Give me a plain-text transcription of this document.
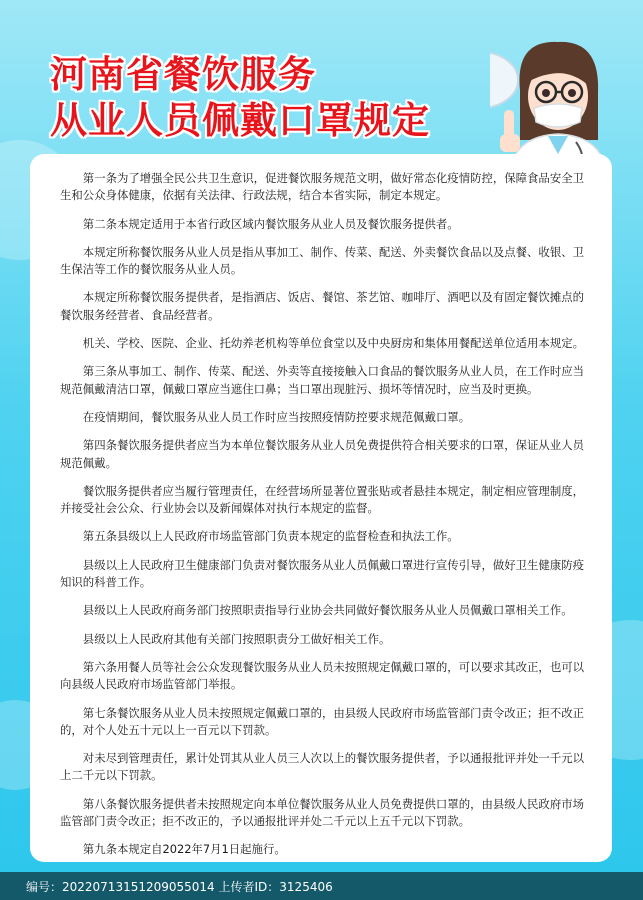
河南省餐饮服务
从业人员佩戴口罩规定

第一条为了增强全民公共卫生意识，促进餐饮服务规范文明，做好常态化疫情防控，保障食品安全卫生和公众身体健康，依据有关法律、行政法规，结合本省实际，制定本规定。

第二条本规定适用于本省行政区域内餐饮服务从业人员及餐饮服务提供者。

本规定所称餐饮服务从业人员是指从事加工、制作、传菜、配送、外卖餐饮食品以及点餐、收银、卫生保洁等工作的餐饮服务从业人员。

本规定所称餐饮服务提供者，是指酒店、饭店、餐馆、茶艺馆、咖啡厅、酒吧以及有固定餐饮摊点的餐饮服务经营者、食品经营者。

机关、学校、医院、企业、托幼养老机构等单位食堂以及中央厨房和集体用餐配送单位适用本规定。

第三条从事加工、制作、传菜、配送、外卖等直接接触入口食品的餐饮服务从业人员，在工作时应当规范佩戴清洁口罩，佩戴口罩应当遮住口鼻；当口罩出现脏污、损坏等情况时，应当及时更换。

在疫情期间，餐饮服务从业人员工作时应当按照疫情防控要求规范佩戴口罩。

第四条餐饮服务提供者应当为本单位餐饮服务从业人员免费提供符合相关要求的口罩，保证从业人员规范佩戴。

餐饮服务提供者应当履行管理责任，在经营场所显著位置张贴或者悬挂本规定，制定相应管理制度，并接受社会公众、行业协会以及新闻媒体对执行本规定的监督。

第五条县级以上人民政府市场监管部门负责本规定的监督检查和执法工作。

县级以上人民政府卫生健康部门负责对餐饮服务从业人员佩戴口罩进行宣传引导，做好卫生健康防疫知识的科普工作。

县级以上人民政府商务部门按照职责指导行业协会共同做好餐饮服务从业人员佩戴口罩相关工作。

县级以上人民政府其他有关部门按照职责分工做好相关工作。

第六条用餐人员等社会公众发现餐饮服务从业人员未按照规定佩戴口罩的，可以要求其改正，也可以向县级人民政府市场监管部门举报。

第七条餐饮服务从业人员未按照规定佩戴口罩的，由县级人民政府市场监管部门责令改正；拒不改正的，对个人处五十元以上一百元以下罚款。

对未尽到管理责任，累计处罚其从业人员三人次以上的餐饮服务提供者，予以通报批评并处一千元以上二千元以下罚款。

第八条餐饮服务提供者未按照规定向本单位餐饮服务从业人员免费提供口罩的，由县级人民政府市场监管部门责令改正；拒不改正的，予以通报批评并处二千元以上五千元以下罚款。

第九条本规定自2022年7月1日起施行。

编号：20220713151209055014 上传者ID：3125406
